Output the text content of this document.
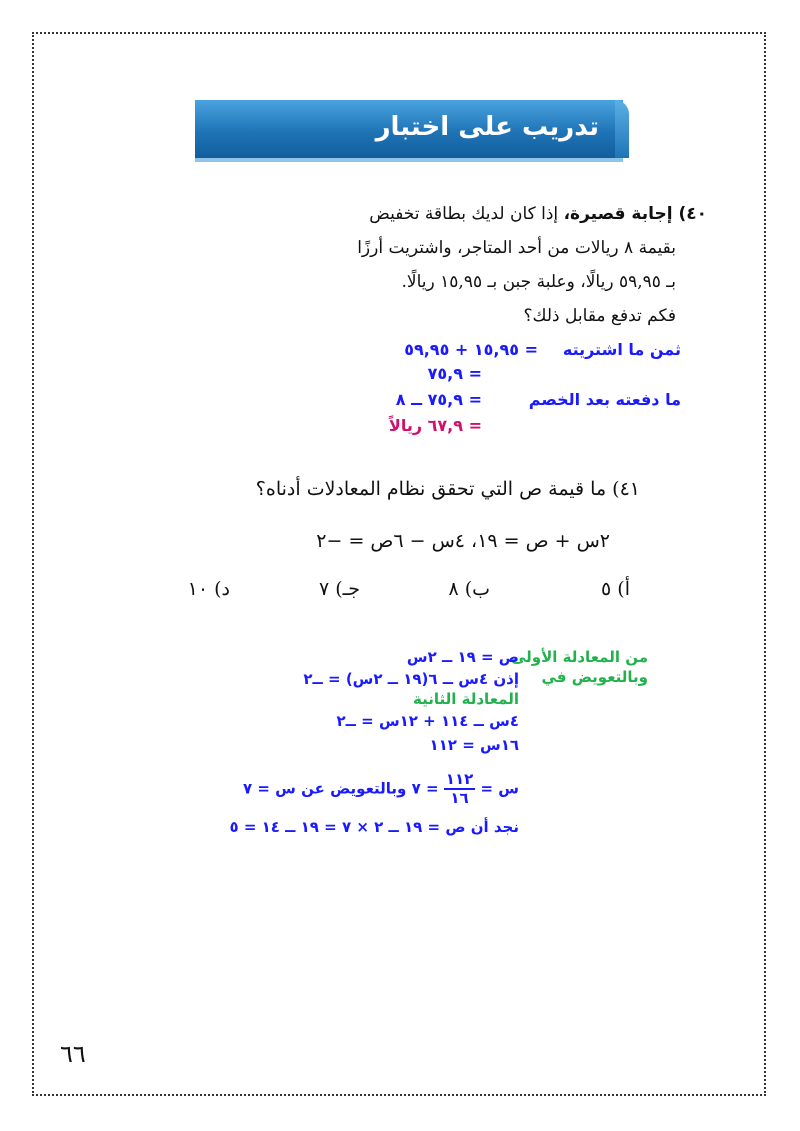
تدريب على اختبار
٤٠) إجابة قصيرة، إذا كان لديك بطاقة تخفيض
بقيمة ٨ ريالات من أحد المتاجر، واشتريت أرزًا
بـ ٥٩,٩٥ ريالًا، وعلبة جبن بـ ١٥,٩٥ ريالًا.
فكم تدفع مقابل ذلك؟
ثمن ما اشتريته
= ١٥,٩٥ + ٥٩,٩٥
= ٧٥,٩
ما دفعته بعد الخصم
= ٧٥,٩ ــ ٨
= ٦٧,٩ ريالاً
٤١) ما قيمة ص التي تحقق نظام المعادلات أدناه؟
٢س + ص = ١٩، ٤س − ٦ص = −٢
أ) ٥
ب) ٨
جـ) ٧
د) ١٠
من المعادلة الأولى
وبالتعويض في
ص = ١٩ ــ ٢س
إذن ٤س ــ ٦(١٩ ــ ٢س) = ــ٢
المعادلة الثانية
٤س ــ ١١٤ + ١٢س = ــ٢
١٦س = ١١٢
س =
$\frac{١١٢}{١٦}$
= ٧ وبالتعويض عن س = ٧
نجد أن ص = ١٩ ــ ٢ × ٧ = ١٩ ــ ١٤ = ٥
٦٦
